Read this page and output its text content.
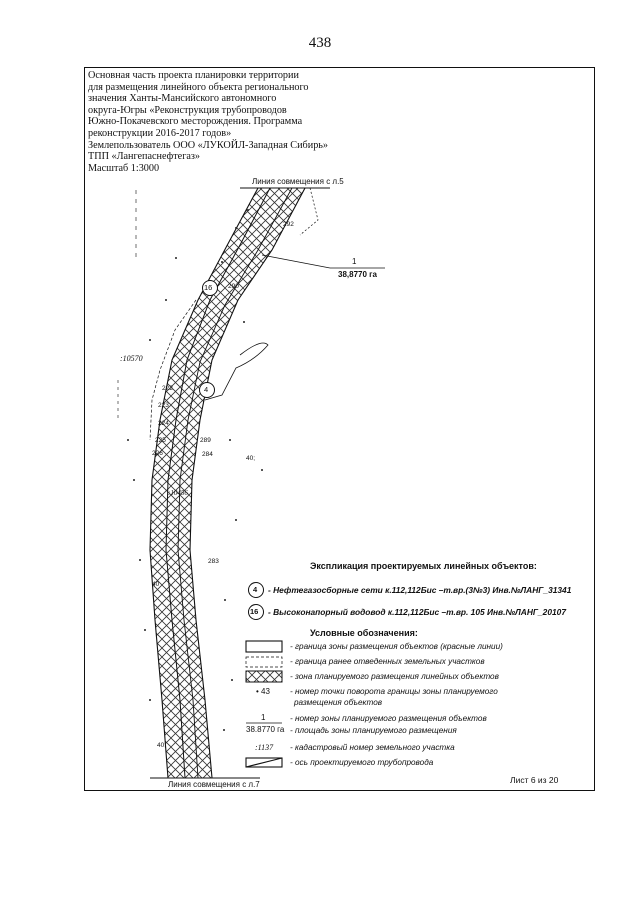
438
Основная часть проекта планировки территории
для размещения линейного объекта регионального
значения Ханты-Мансийского автономного
округа-Югры «Реконструкция трубопроводов
Южно-Покачевского месторождения. Программа
реконструкции 2016-2017 годов»
Землепользователь ООО «ЛУКОЙЛ-Западная Сибирь»
ТПП «Лангепаснефтегаз»
Масштаб 1:3000
Линия совмещения с л.5
Линия совмещения с л.7
1
38,8770 га
:10570
:10456
16
4
292
290
222
223
224
225
226
289
284
283
40
40;
40;
Экспликация проектируемых линейных объектов:
4 - Нефтегазосборные сети к.112,112Бис –т.вр.(3№3) Инв.№ЛАНГ_31341
16 - Высоконапорный водовод к.112,112Бис –т.вр. 105 Инв.№ЛАНГ_20107
Условные обозначения:
- граница зоны размещения объектов (красные линии)
- граница ранее отведенных земельных участков
- зона планируемого размещения линейных объектов
• 43 - номер точки поворота границы зоны планируемого
размещения объектов
1
38.8770 га
- номер зоны планируемого размещения объектов
- площадь зоны планируемого размещения
:1137 - кадастровый номер земельного участка
- ось проектируемого трубопровода
Лист 6 из 20
